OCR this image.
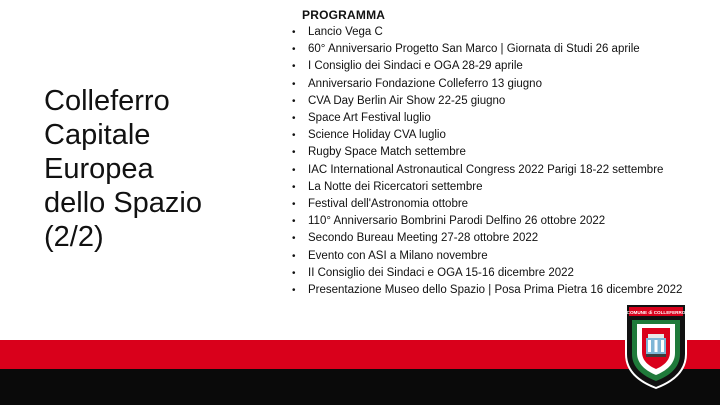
Colleferro
Capitale
Europea
dello Spazio
(2/2)
PROGRAMMA
• Lancio Vega C
• 60° Anniversario Progetto San Marco | Giornata di Studi 26 aprile
• I Consiglio dei Sindaci e OGA 28-29 aprile
• Anniversario Fondazione Colleferro 13 giugno
• CVA Day Berlin Air Show 22-25 giugno
• Space Art Festival luglio
• Science Holiday CVA luglio
• Rugby Space Match settembre
• IAC International Astronautical Congress 2022 Parigi 18-22 settembre
• La Notte dei Ricercatori settembre
• Festival dell'Astronomia ottobre
• 110° Anniversario Bombrini Parodi Delfino 26 ottobre 2022
• Secondo Bureau Meeting 27-28 ottobre 2022
• Evento con ASI a Milano novembre
• II Consiglio dei Sindaci e OGA 15-16 dicembre 2022
• Presentazione Museo dello Spazio | Posa Prima Pietra 16 dicembre 2022
COMUNE di COLLEFERRO
